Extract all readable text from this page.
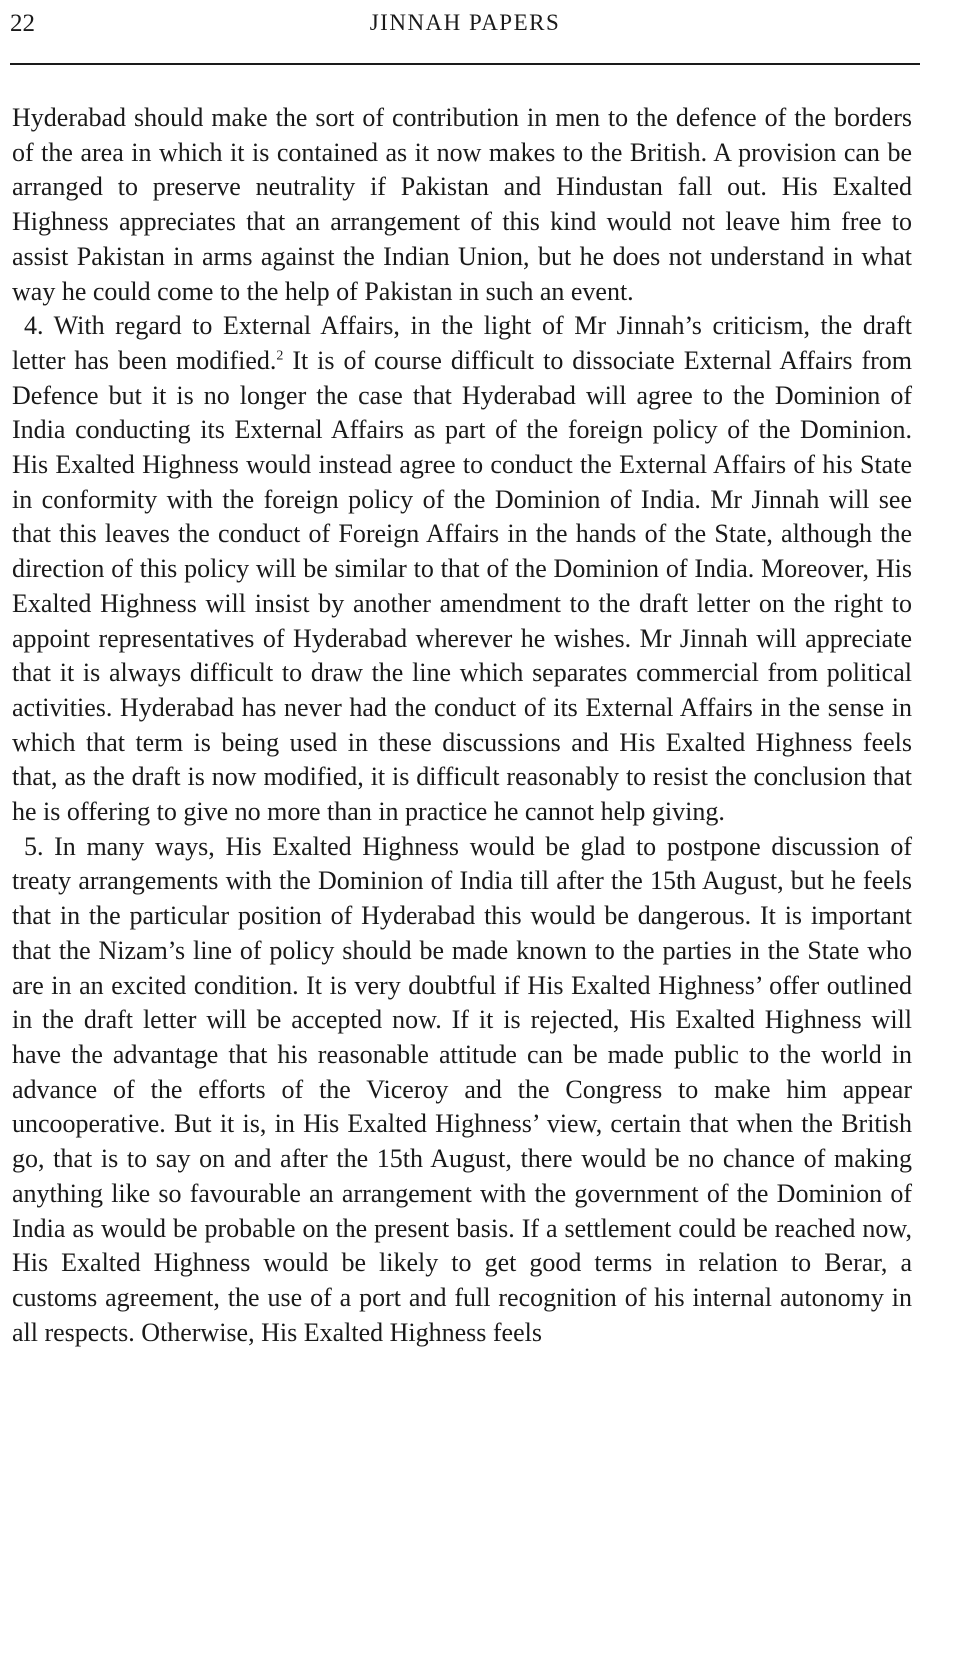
22	JINNAH PAPERS

Hyderabad should make the sort of contribution in men to the defence of the borders of the area in which it is contained as it now makes to the British. A provision can be arranged to preserve neutrality if Pakistan and Hindustan fall out. His Exalted Highness appreciates that an arrangement of this kind would not leave him free to assist Pakistan in arms against the Indian Union, but he does not understand in what way he could come to the help of Pakistan in such an event.

4. With regard to External Affairs, in the light of Mr Jinnah’s criticism, the draft letter has been modified.$^2$ It is of course difficult to dissociate External Affairs from Defence but it is no longer the case that Hyderabad will agree to the Dominion of India conducting its External Affairs as part of the foreign policy of the Dominion. His Exalted Highness would instead agree to conduct the External Affairs of his State in conformity with the foreign policy of the Dominion of India. Mr Jinnah will see that this leaves the conduct of Foreign Affairs in the hands of the State, although the direction of this policy will be similar to that of the Dominion of India. Moreover, His Exalted Highness will insist by another amendment to the draft letter on the right to appoint representatives of Hyderabad wherever he wishes. Mr Jinnah will appreciate that it is always difficult to draw the line which separates commercial from political activities. Hyderabad has never had the conduct of its External Affairs in the sense in which that term is being used in these discussions and His Exalted Highness feels that, as the draft is now modified, it is difficult reasonably to resist the conclusion that he is offering to give no more than in practice he cannot help giving.

5. In many ways, His Exalted Highness would be glad to postpone discussion of treaty arrangements with the Dominion of India till after the 15th August, but he feels that in the particular position of Hyderabad this would be dangerous. It is important that the Nizam’s line of policy should be made known to the parties in the State who are in an excited condition. It is very doubtful if His Exalted Highness’ offer outlined in the draft letter will be accepted now. If it is rejected, His Exalted Highness will have the advantage that his reasonable attitude can be made public to the world in advance of the efforts of the Viceroy and the Congress to make him appear uncooperative. But it is, in His Exalted Highness’ view, certain that when the British go, that is to say on and after the 15th August, there would be no chance of making anything like so favourable an arrangement with the government of the Dominion of India as would be probable on the present basis. If a settlement could be reached now, His Exalted Highness would be likely to get good terms in relation to Berar, a customs agreement, the use of a port and full recognition of his internal autonomy in all respects. Otherwise, His Exalted Highness feels
